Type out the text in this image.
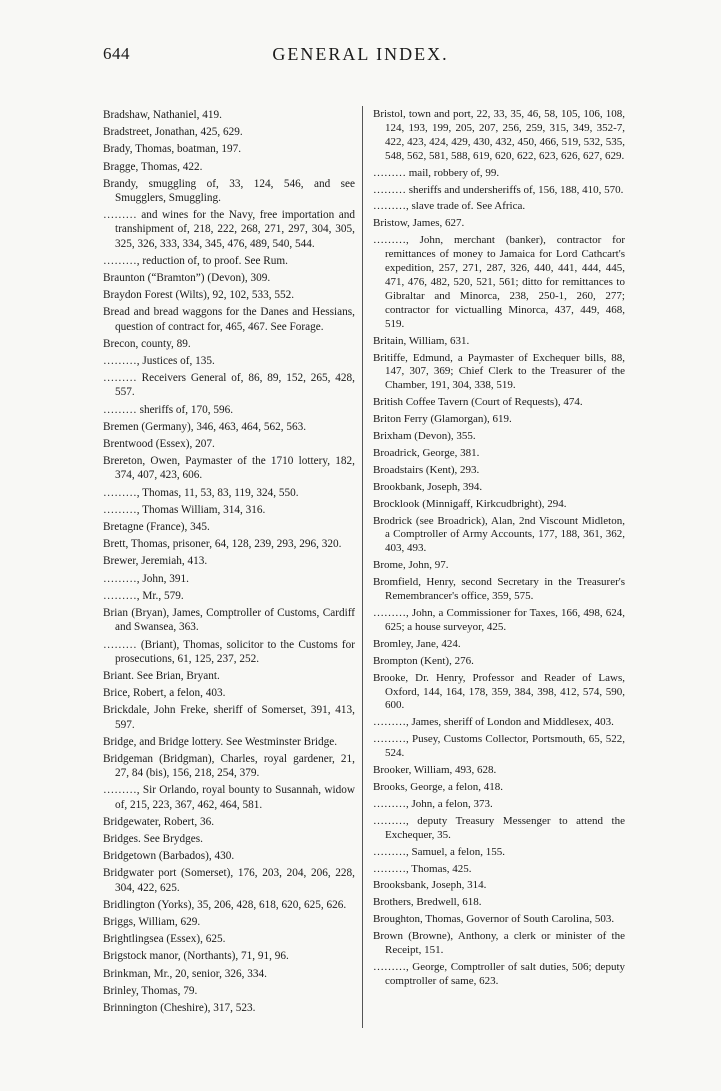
644	GENERAL INDEX.

Bradshaw, Nathaniel, 419.

Bradstreet, Jonathan, 425, 629.

Brady, Thomas, boatman, 197.

Bragge, Thomas, 422.

Brandy, smuggling of, 33, 124, 546, and see Smugglers, Smuggling.

……… and wines for the Navy, free importation and transhipment of, 218, 222, 268, 271, 297, 304, 305, 325, 326, 333, 334, 345, 476, 489, 540, 544.

………, reduction of, to proof. See Rum.

Braunton (“Bramton”) (Devon), 309.

Braydon Forest (Wilts), 92, 102, 533, 552.

Bread and bread waggons for the Danes and Hessians, question of contract for, 465, 467. See Forage.

Brecon, county, 89.

………, Justices of, 135.

……… Receivers General of, 86, 89, 152, 265, 428, 557.

……… sheriffs of, 170, 596.

Bremen (Germany), 346, 463, 464, 562, 563.

Brentwood (Essex), 207.

Brereton, Owen, Paymaster of the 1710 lottery, 182, 374, 407, 423, 606.

………, Thomas, 11, 53, 83, 119, 324, 550.

………, Thomas William, 314, 316.

Bretagne (France), 345.

Brett, Thomas, prisoner, 64, 128, 239, 293, 296, 320.

Brewer, Jeremiah, 413.

………, John, 391.

………, Mr., 579.

Brian (Bryan), James, Comptroller of Customs, Cardiff and Swansea, 363.

……… (Briant), Thomas, solicitor to the Customs for prosecutions, 61, 125, 237, 252.

Briant. See Brian, Bryant.

Brice, Robert, a felon, 403.

Brickdale, John Freke, sheriff of Somerset, 391, 413, 597.

Bridge, and Bridge lottery. See Westminster Bridge.

Bridgeman (Bridgman), Charles, royal gardener, 21, 27, 84 (bis), 156, 218, 254, 379.

………, Sir Orlando, royal bounty to Susannah, widow of, 215, 223, 367, 462, 464, 581.

Bridgewater, Robert, 36.

Bridges. See Brydges.

Bridgetown (Barbados), 430.

Bridgwater port (Somerset), 176, 203, 204, 206, 228, 304, 422, 625.

Bridlington (Yorks), 35, 206, 428, 618, 620, 625, 626.

Briggs, William, 629.

Brightlingsea (Essex), 625.

Brigstock manor, (Northants), 71, 91, 96.

Brinkman, Mr., 20, senior, 326, 334.

Brinley, Thomas, 79.

Brinnington (Cheshire), 317, 523.

Bristol, town and port, 22, 33, 35, 46, 58, 105, 106, 108, 124, 193, 199, 205, 207, 256, 259, 315, 349, 352-7, 422, 423, 424, 429, 430, 432, 450, 466, 519, 532, 535, 548, 562, 581, 588, 619, 620, 622, 623, 626, 627, 629.

……… mail, robbery of, 99.

……… sheriffs and undersheriffs of, 156, 188, 410, 570.

………, slave trade of. See Africa.

Bristow, James, 627.

………, John, merchant (banker), contractor for remittances of money to Jamaica for Lord Cathcart's expedition, 257, 271, 287, 326, 440, 441, 444, 445, 471, 476, 482, 520, 521, 561; ditto for remittances to Gibraltar and Minorca, 238, 250-1, 260, 277; contractor for victualling Minorca, 437, 449, 468, 519.

Britain, William, 631.

Britiffe, Edmund, a Paymaster of Exchequer bills, 88, 147, 307, 369; Chief Clerk to the Treasurer of the Chamber, 191, 304, 338, 519.

British Coffee Tavern (Court of Requests), 474.

Briton Ferry (Glamorgan), 619.

Brixham (Devon), 355.

Broadrick, George, 381.

Broadstairs (Kent), 293.

Brookbank, Joseph, 394.

Brocklook (Minnigaff, Kirkcudbright), 294.

Brodrick (see Broadrick), Alan, 2nd Viscount Midleton, a Comptroller of Army Accounts, 177, 188, 361, 362, 403, 493.

Brome, John, 97.

Bromfield, Henry, second Secretary in the Treasurer's Remembrancer's office, 359, 575.

………, John, a Commissioner for Taxes, 166, 498, 624, 625; a house surveyor, 425.

Bromley, Jane, 424.

Brompton (Kent), 276.

Brooke, Dr. Henry, Professor and Reader of Laws, Oxford, 144, 164, 178, 359, 384, 398, 412, 574, 590, 600.

………, James, sheriff of London and Middlesex, 403.

………, Pusey, Customs Collector, Portsmouth, 65, 522, 524.

Brooker, William, 493, 628.

Brooks, George, a felon, 418.

………, John, a felon, 373.

………, deputy Treasury Messenger to attend the Exchequer, 35.

………, Samuel, a felon, 155.

………, Thomas, 425.

Brooksbank, Joseph, 314.

Brothers, Bredwell, 618.

Broughton, Thomas, Governor of South Carolina, 503.

Brown (Browne), Anthony, a clerk or minister of the Receipt, 151.

………, George, Comptroller of salt duties, 506; deputy comptroller of same, 623.
